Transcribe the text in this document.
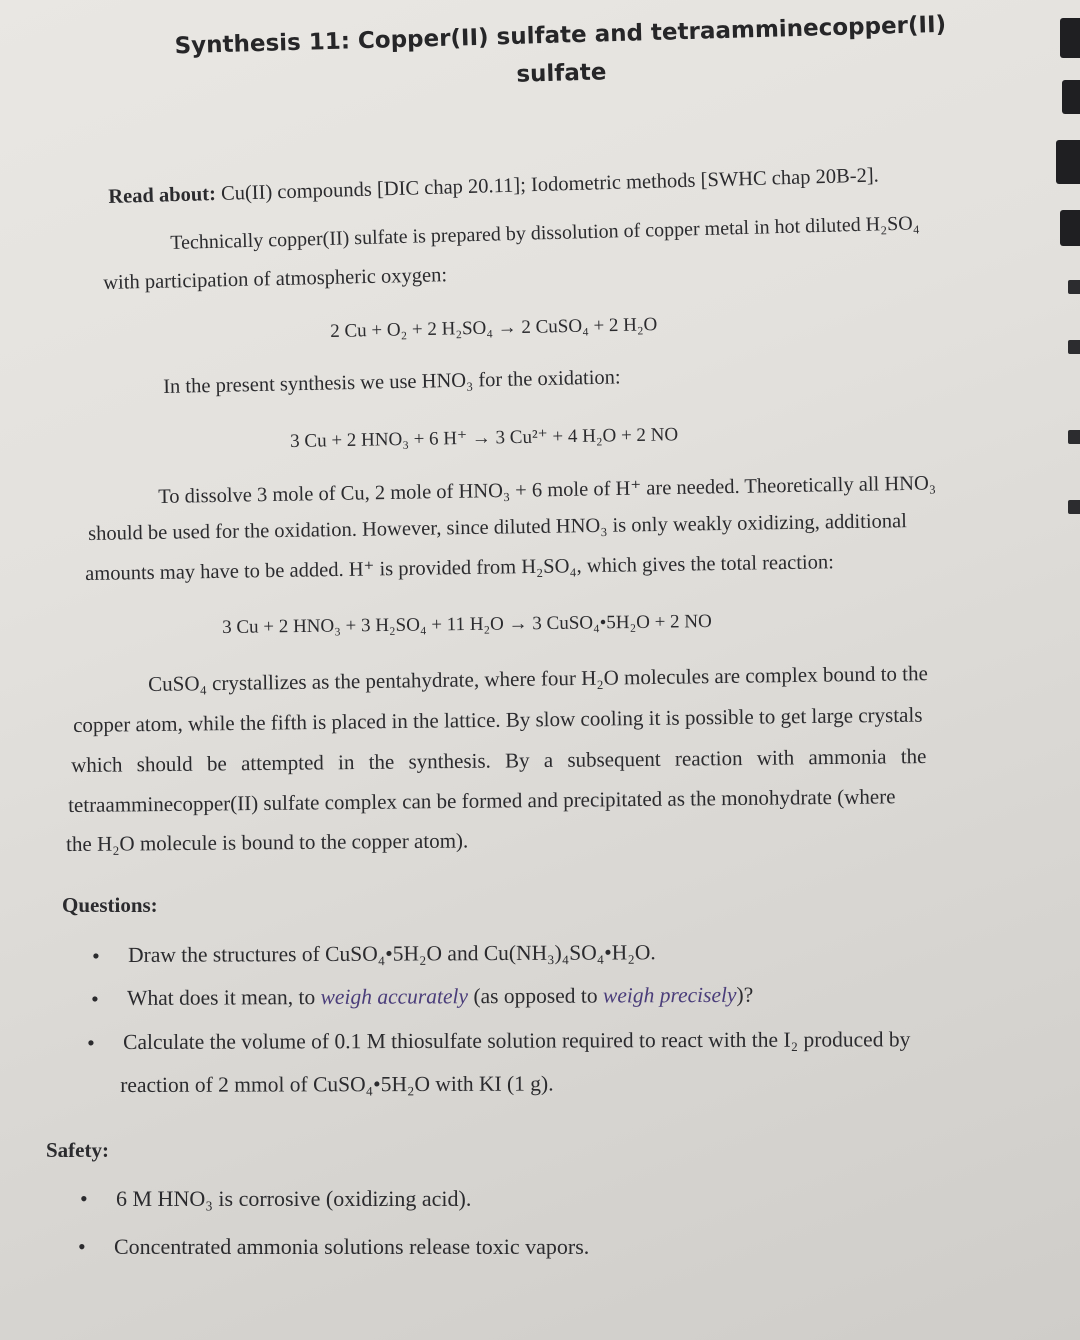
Synthesis 11: Copper(II) sulfate and tetraamminecopper(II)
sulfate
Read about: Cu(II) compounds [DIC chap 20.11]; Iodometric methods [SWHC chap 20B-2].
Technically copper(II) sulfate is prepared by dissolution of copper metal in hot diluted H₂SO₄
with participation of atmospheric oxygen:
2 Cu + O₂ + 2 H₂SO₄ → 2 CuSO₄ + 2 H₂O
In the present synthesis we use HNO₃ for the oxidation:
3 Cu + 2 HNO₃ + 6 H⁺ → 3 Cu²⁺ + 4 H₂O + 2 NO
To dissolve 3 mole of Cu, 2 mole of HNO₃ + 6 mole of H⁺ are needed. Theoretically all HNO₃
should be used for the oxidation. However, since diluted HNO₃ is only weakly oxidizing, additional
amounts may have to be added. H⁺ is provided from H₂SO₄, which gives the total reaction:
3 Cu + 2 HNO₃ + 3 H₂SO₄ + 11 H₂O → 3 CuSO₄•5H₂O + 2 NO
CuSO₄ crystallizes as the pentahydrate, where four H₂O molecules are complex bound to the
copper atom, while the fifth is placed in the lattice. By slow cooling it is possible to get large crystals
which should be attempted in the synthesis. By a subsequent reaction with ammonia the
tetraamminecopper(II) sulfate complex can be formed and precipitated as the monohydrate (where
the H₂O molecule is bound to the copper atom).
Questions:
• Draw the structures of CuSO₄•5H₂O and Cu(NH₃)₄SO₄•H₂O.
• What does it mean, to weigh accurately (as opposed to weigh precisely)?
• Calculate the volume of 0.1 M thiosulfate solution required to react with the I₂ produced by
reaction of 2 mmol of CuSO₄•5H₂O with KI (1 g).
Safety:
• 6 M HNO₃ is corrosive (oxidizing acid).
• Concentrated ammonia solutions release toxic vapors.
